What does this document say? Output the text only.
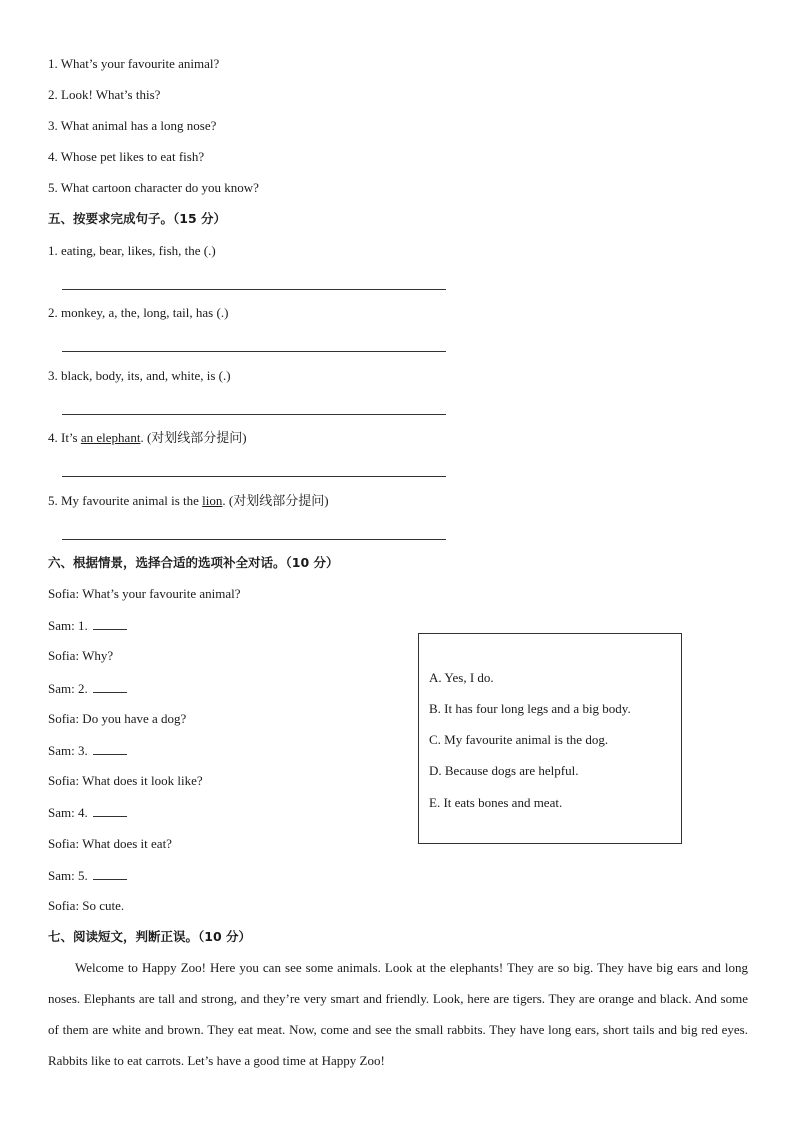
1. What’s your favourite animal?
2. Look! What’s this?
3. What animal has a long nose?
4. Whose pet likes to eat fish?
5. What cartoon character do you know?
五、按要求完成句子。（15 分）
1. eating, bear, likes, fish, the (.)
2. monkey, a, the, long, tail, has (.)
3. black, body, its, and, white, is (.)
4. It’s an elephant. (对划线部分提问)
5. My favourite animal is the lion. (对划线部分提问)
六、根据情景，选择合适的选项补全对话。（10 分）
Sofia: What’s your favourite animal?
Sam: 1.
Sofia: Why?
Sam: 2.
Sofia: Do you have a dog?
Sam: 3.
Sofia: What does it look like?
Sam: 4.
Sofia: What does it eat?
Sam: 5.
Sofia: So cute.
A. Yes, I do.
B. It has four long legs and a big body.
C. My favourite animal is the dog.
D. Because dogs are helpful.
E. It eats bones and meat.
七、阅读短文，判断正误。（10 分）
Welcome to Happy Zoo! Here you can see some animals. Look at the elephants! They are so big. They have big ears and long noses. Elephants are tall and strong, and they’re very smart and friendly. Look, here are tigers. They are orange and black. And some of them are white and brown. They eat meat. Now, come and see the small rabbits. They have long ears, short tails and big red eyes. Rabbits like to eat carrots. Let’s have a good time at Happy Zoo!
